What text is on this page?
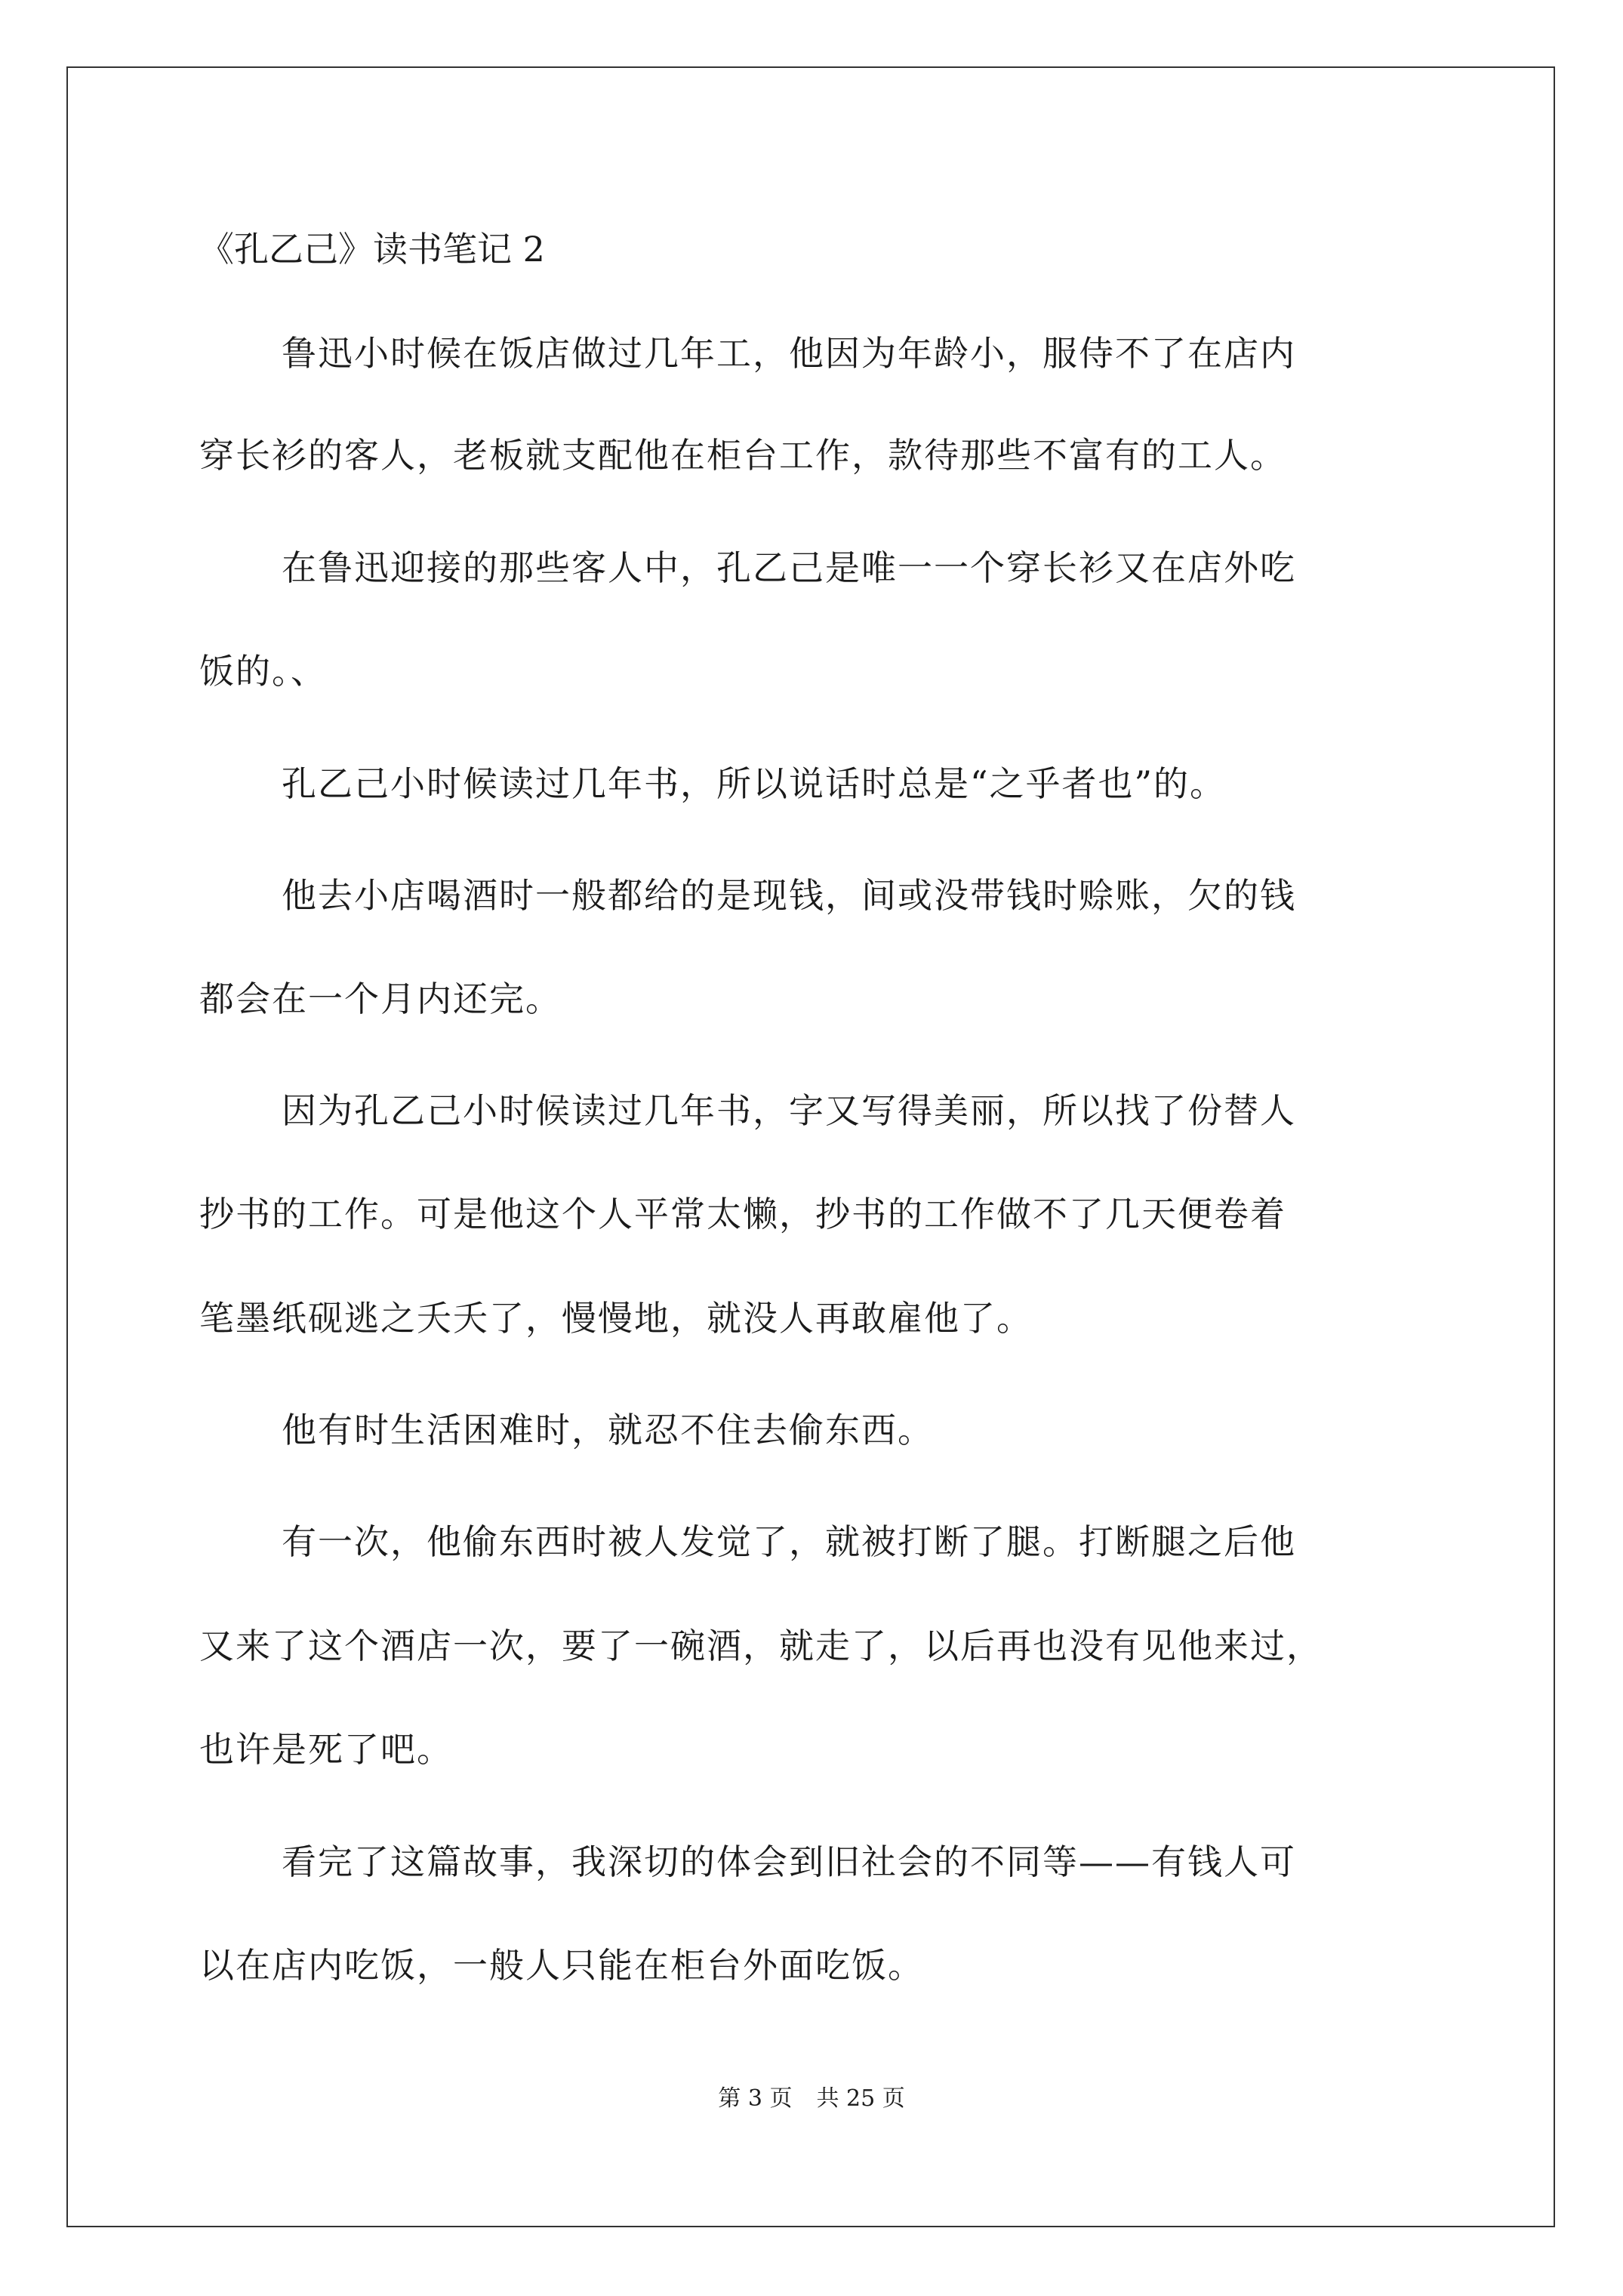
《孔乙己》读书笔记 2
鲁迅小时候在饭店做过几年工，他因为年龄小，服侍不了在店内
穿长衫的客人，老板就支配他在柜台工作，款待那些不富有的工人。
在鲁迅迎接的那些客人中，孔乙己是唯一一个穿长衫又在店外吃
饭的。、
孔乙己小时候读过几年书，所以说话时总是“之乎者也”的。
他去小店喝酒时一般都给的是现钱，间或没带钱时赊账，欠的钱
都会在一个月内还完。
因为孔乙己小时候读过几年书，字又写得美丽，所以找了份替人
抄书的工作。可是他这个人平常太懒，抄书的工作做不了几天便卷着
笔墨纸砚逃之夭夭了，慢慢地，就没人再敢雇他了。
他有时生活困难时，就忍不住去偷东西。
有一次，他偷东西时被人发觉了，就被打断了腿。打断腿之后他
又来了这个酒店一次，要了一碗酒，就走了，以后再也没有见他来过，
也许是死了吧。
看完了这篇故事，我深切的体会到旧社会的不同等——有钱人可
以在店内吃饭，一般人只能在柜台外面吃饭。
第 3 页 共 25 页
